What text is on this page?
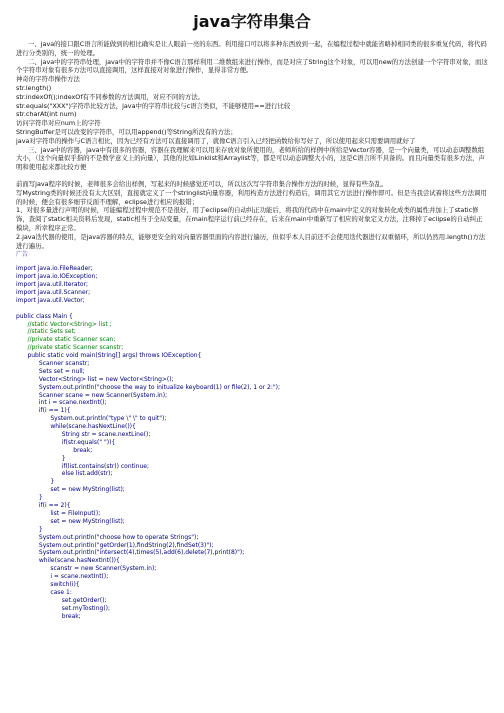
java字符串集合

一、java的接口跟C语言所能做到的相比确实是让人眼前一亮的东西。利用接口可以将多种东西放到一起，在编程过程中就能省略掉相同类的很多重复代码，将代码进行分类别的，统一的处理。

二、java中的字符串处理，java中的字符串并不像C语言那样利用二维数组来进行操作，而是对应了String这个对象，可以用new的方法创建一个字符串对象，而这个字符串对象有很多方法可以直接调用，这样直接对对象进行操作，显得非常方便。

神奇的字符串操作方法

str.length()

str.indexOf();indexOf有不同参数的方法调用，对应不同的方法。

str.equals("XXX")字符串比较方法，java中的字符串比较与c语言类似，不能够使用==进行比较

str.charAt(int num)

访问字符串对应num上的字符

StringBuffer是可以改变的字符串，可以用append()等String所没有的方法；

java对字符串的操作与C语言相比，因为已经有方法可以直接调用了，就像C语言引入已经把函数给你写好了，所以使用起来只需要调用就好了

三、java中的容器，java中有很多的容器，容器在我理解来可以用来存放对象所使用的，老师所给的样例中所给是Vector容器，是一个向量类，可以动态调整数组大小，（这个向量似乎指的不是数学意义上的向量），其他的比如Linklist和Arraylist等，都是可以动态调整大小的，这是C语言所不具备的。而且向量类有很多方法，声明和使用起来都比较方便

前面写java程序的时候，老师很多会给出样例，写起来的时候感觉还可以，所以这次写字符串集合操作方法的时候，显得有些杂乱。

写Mystring类的时候还没有太大区别，直接就定义了一个stringlist向量容器，利用构造方法进行构造后，调用其它方法进行操作即可。但是当我尝试着将这些方法调用的时候，便会有很多细节反面不理解，eclipse进行相应的报错；

1、对很多量进行声明的时候，可能编程过程中规范不是很好，用了eclipse的自动纠正功能后，将我的代码中在main中定义的对象转化成类的属性并加上了static修饰，查阅了static相关资料后发现，static相当于全局变量，在main程序运行前已经存在，后来在main中重新写了相应的对象定义方法，注释掉了eclipse的自动纠正模块，所幸程序正常。

2.java迭代器的使用，是java容器的特点，能够更安全的对向量容器里面的内容进行遍历，但似乎本人目前还不会使用迭代器进行双重循环，所以仍然用.length()方法进行遍历。

广告
import java.io.FileReader;
import java.io.IOException;
import java.util.Iterator;
import java.util.Scanner;
import java.util.Vector;
public class Main {
//static Vector<String> list ;
//static Sets set;
//private static Scanner scan;
//private static Scanner scanstr;
public static void main(String[] args) throws IOException{
Scanner scanstr;
Sets set = null;
Vector<String> list = new Vector<String>();
System.out.println("choose the way to initualize keyboard(1) or file(2), 1 or 2:");
Scanner scane = new Scanner(System.in);
int i = scane.nextInt();
if(i == 1){
System.out.println("type \" \" to quit");
while(scane.hasNextLine()){
String str = scane.nextLine();
if(str.equals(" ")){
break;
}
if(list.contains(str)) continue;
else list.add(str);
}
set = new MyString(list);
}
if(i == 2){
list = FileInput();
set = new MyString(list);
}
System.out.println("choose how to operate Strings");
System.out.println("getOrder(1),findString(2),findSet(3)");
System.out.println("intersect(4),times(5),add(6),delete(7),print(8)");
while(scane.hasNextInt()){
scanstr = new Scanner(System.in);
i = scane.nextInt();
switch(i){
case 1:
set.getOrder();
set.myTosting();
break;
